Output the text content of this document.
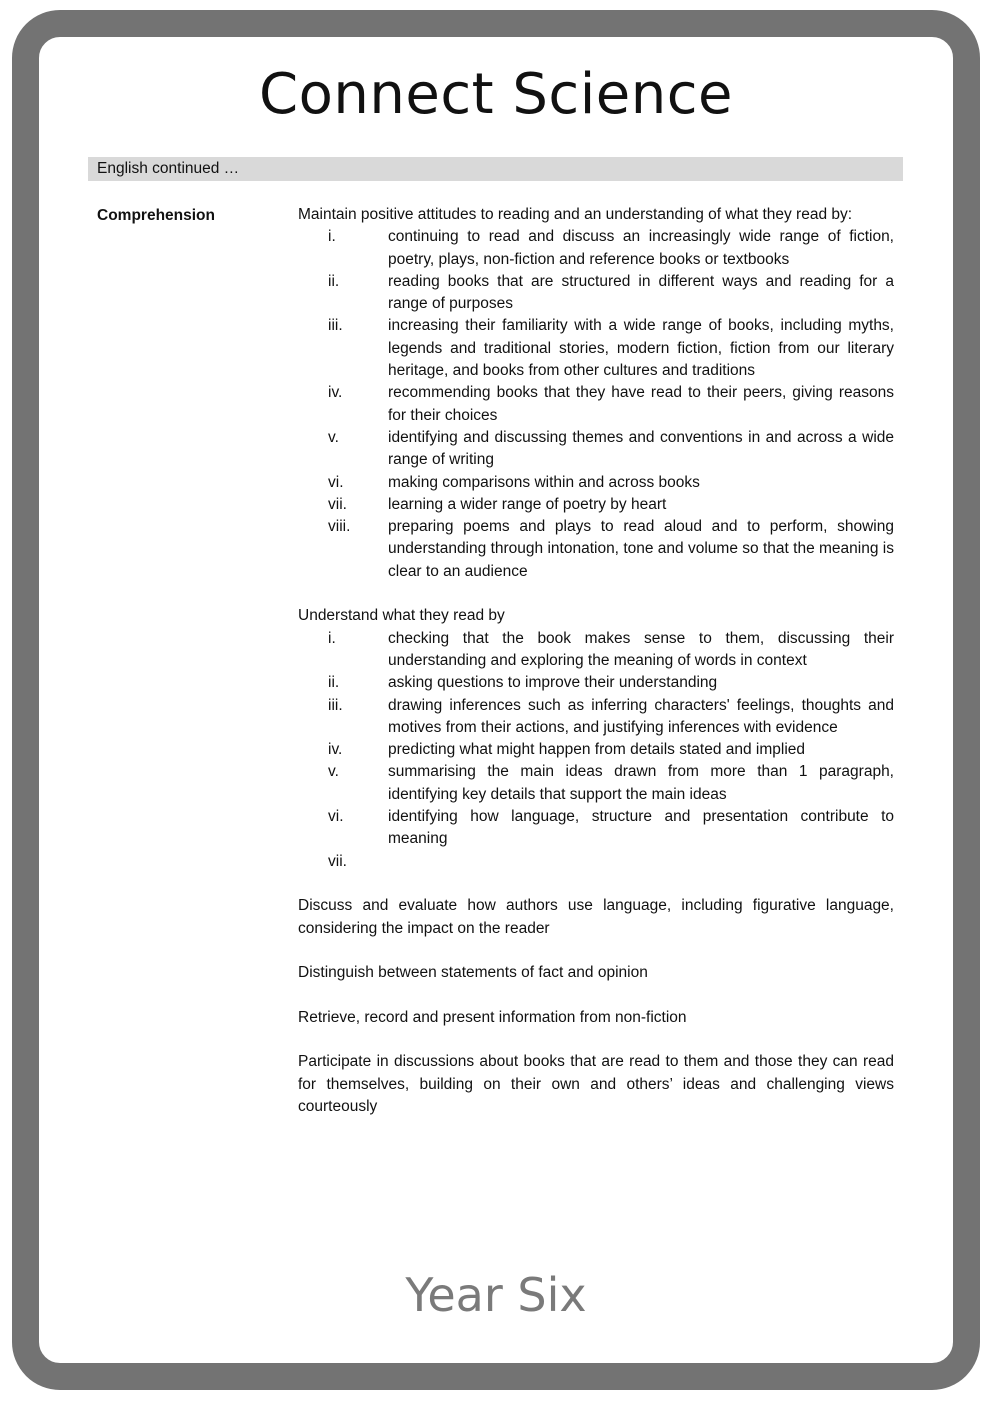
Connect Science
English continued …

Comprehension	Maintain positive attitudes to reading and an understanding of what they read by:

i.	continuing to read and discuss an increasingly wide range of fiction, poetry, plays, non-fiction and reference books or textbooks
ii.	reading books that are structured in different ways and reading for a range of purposes
iii.	increasing their familiarity with a wide range of books, including myths, legends and traditional stories, modern fiction, fiction from our literary heritage, and books from other cultures and traditions
iv.	recommending books that they have read to their peers, giving reasons for their choices
v.	identifying and discussing themes and conventions in and across a wide range of writing
vi.	making comparisons within and across books
vii.	learning a wider range of poetry by heart
viii.	preparing poems and plays to read aloud and to perform, showing understanding through intonation, tone and volume so that the meaning is clear to an audience

Understand what they read by

i.	checking that the book makes sense to them, discussing their understanding and exploring the meaning of words in context
ii.	asking questions to improve their understanding
iii.	drawing inferences such as inferring characters' feelings, thoughts and motives from their actions, and justifying inferences with evidence
iv.	predicting what might happen from details stated and implied
v.	summarising the main ideas drawn from more than 1 paragraph, identifying key details that support the main ideas
vi.	identifying how language, structure and presentation contribute to meaning
vii.

Discuss and evaluate how authors use language, including figurative language, considering the impact on the reader

Distinguish between statements of fact and opinion

Retrieve, record and present information from non-fiction

Participate in discussions about books that are read to them and those they can read for themselves, building on their own and others’ ideas and challenging views courteously

Year Six
